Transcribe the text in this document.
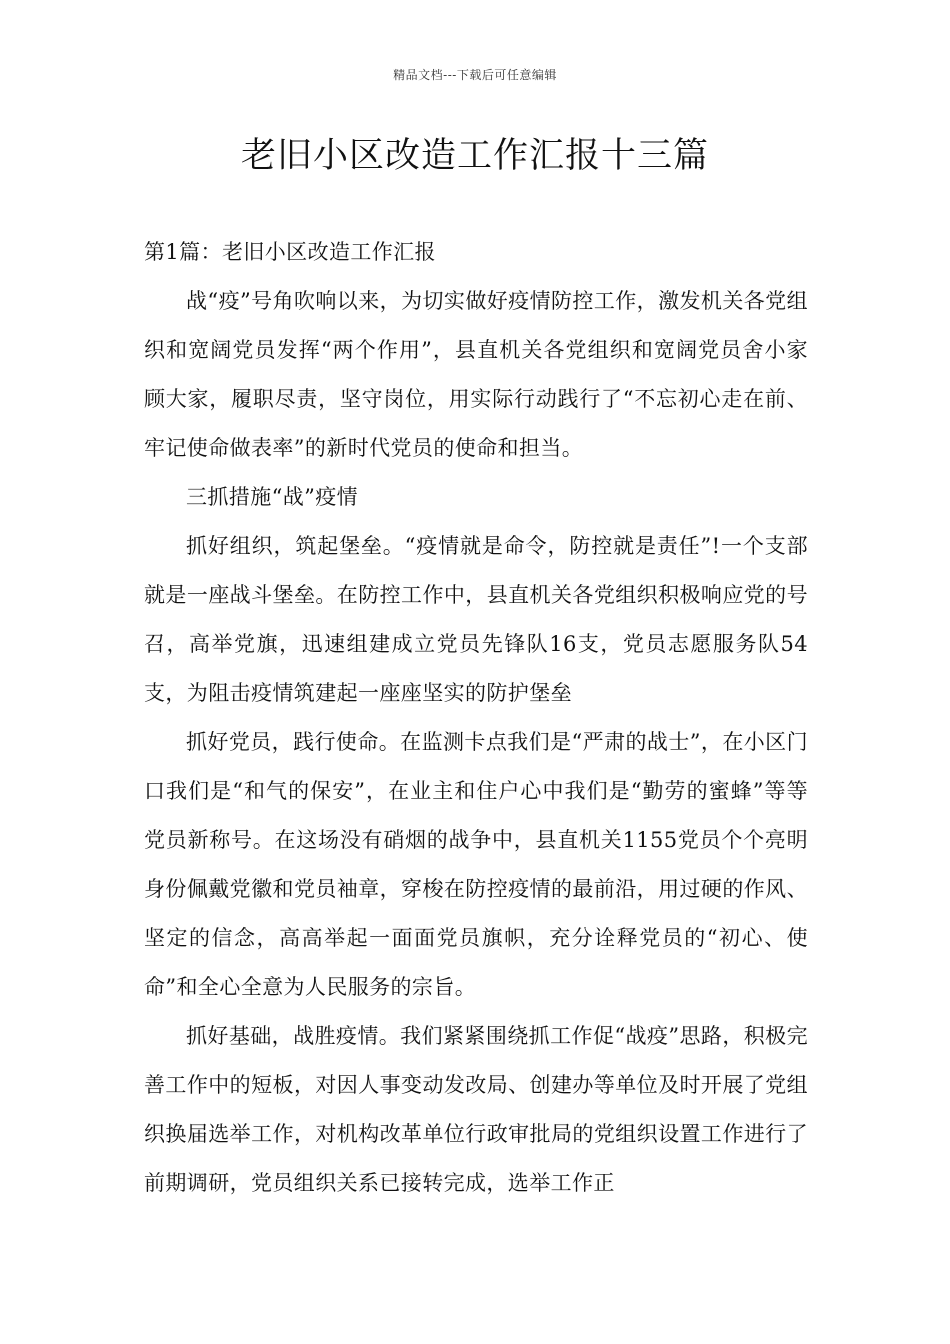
精品文档---下载后可任意编辑
老旧小区改造工作汇报十三篇

第1篇：老旧小区改造工作汇报

战“疫”号角吹响以来，为切实做好疫情防控工作，激发机关各党组织和宽阔党员发挥“两个作用”，县直机关各党组织和宽阔党员舍小家顾大家，履职尽责，坚守岗位，用实际行动践行了“不忘初心走在前、牢记使命做表率”的新时代党员的使命和担当。

三抓措施“战”疫情

抓好组织，筑起堡垒。“疫情就是命令，防控就是责任”!一个支部就是一座战斗堡垒。在防控工作中，县直机关各党组织积极响应党的号召，高举党旗，迅速组建成立党员先锋队16支，党员志愿服务队54支，为阻击疫情筑建起一座座坚实的防护堡垒

抓好党员，践行使命。在监测卡点我们是“严肃的战士”，在小区门口我们是“和气的保安”，在业主和住户心中我们是“勤劳的蜜蜂”等等党员新称号。在这场没有硝烟的战争中，县直机关1155党员个个亮明身份佩戴党徽和党员袖章，穿梭在防控疫情的最前沿，用过硬的作风、坚定的信念，高高举起一面面党员旗帜，充分诠释党员的“初心、使命”和全心全意为人民服务的宗旨。

抓好基础，战胜疫情。我们紧紧围绕抓工作促“战疫”思路，积极完善工作中的短板，对因人事变动发改局、创建办等单位及时开展了党组织换届选举工作，对机构改革单位行政审批局的党组织设置工作进行了前期调研，党员组织关系已接转完成，选举工作正
